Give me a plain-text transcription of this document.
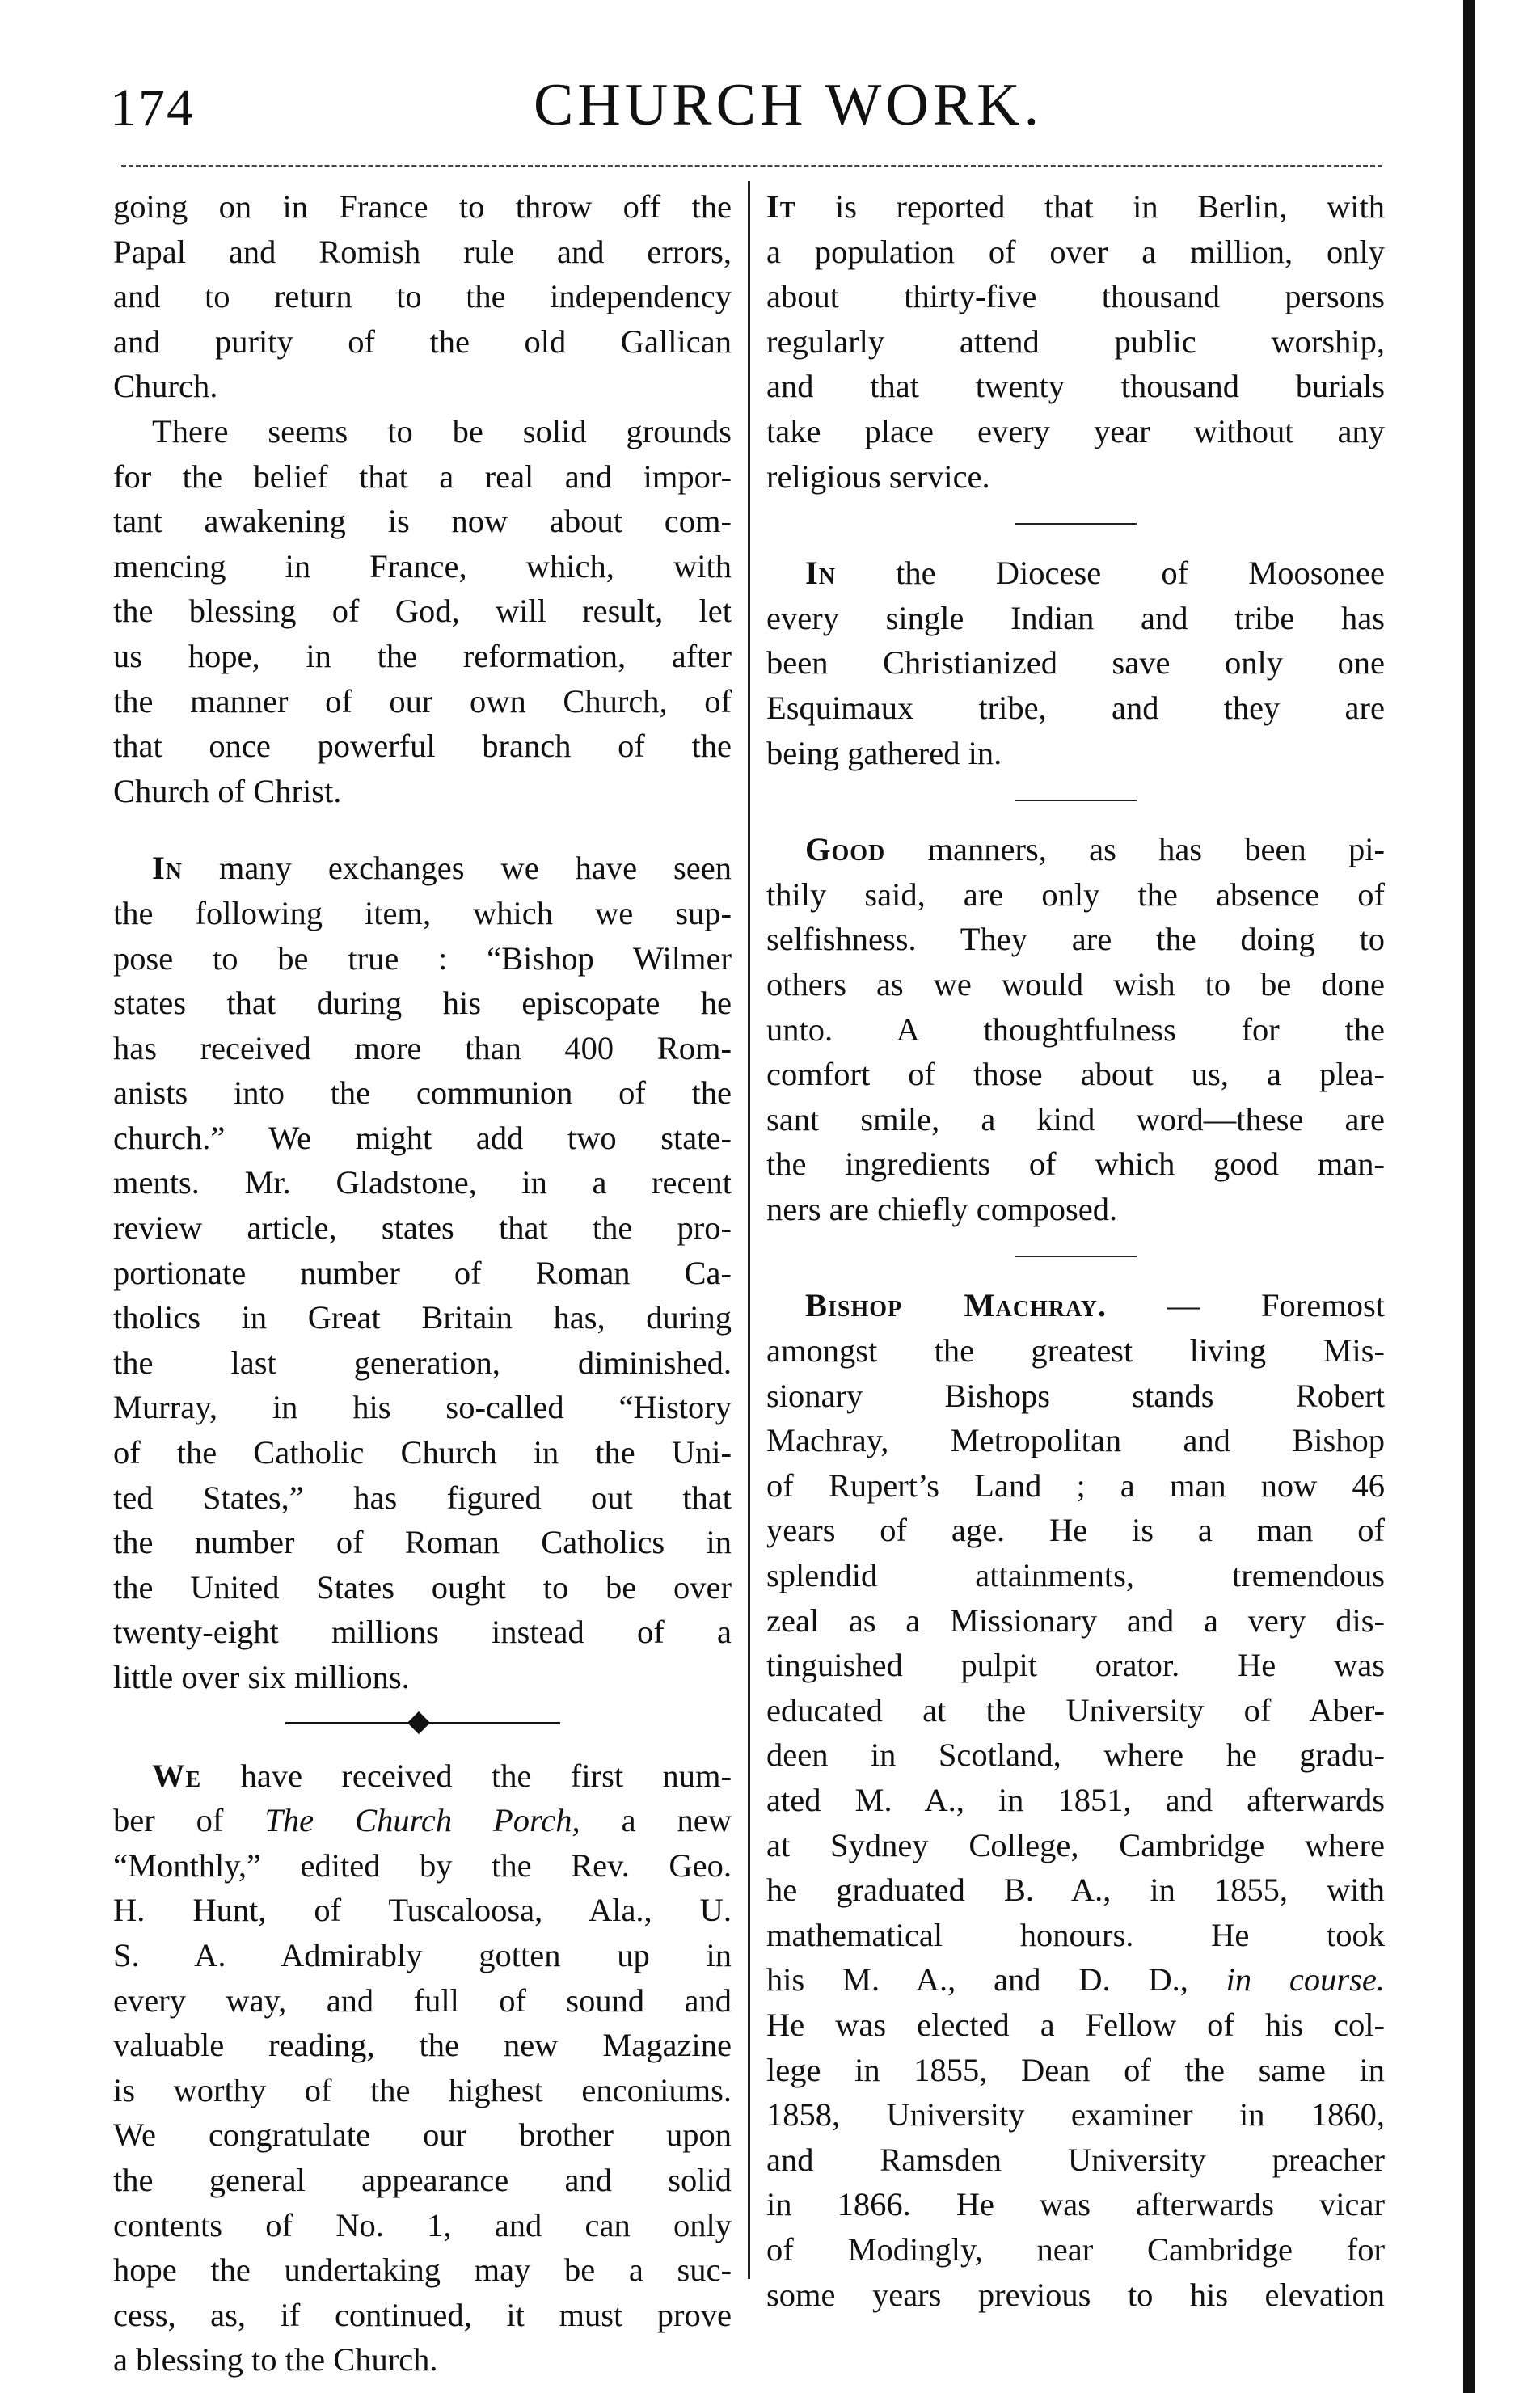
174	CHURCH WORK.

going on in France to throw off the
Papal and Romish rule and errors,
and to return to the independency
and purity of the old Gallican
Church.

There seems to be solid grounds
for the belief that a real and impor-
tant awakening is now about com-
mencing in France, which, with
the blessing of God, will result, let
us hope, in the reformation, after
the manner of our own Church, of
that once powerful branch of the
Church of Christ.

In many exchanges we have seen
the following item, which we sup-
pose to be true : “Bishop Wilmer
states that during his episcopate he
has received more than 400 Rom-
anists into the communion of the
church.” We might add two state-
ments. Mr. Gladstone, in a recent
review article, states that the pro-
portionate number of Roman Ca-
tholics in Great Britain has, during
the last generation, diminished.
Murray, in his so-called “History
of the Catholic Church in the Uni-
ted States,” has figured out that
the number of Roman Catholics in
the United States ought to be over
twenty-eight millions instead of a
little over six millions.

We have received the first num-
ber of The Church Porch, a new
“Monthly,” edited by the Rev. Geo.
H. Hunt, of Tuscaloosa, Ala., U.
S. A. Admirably gotten up in
every way, and full of sound and
valuable reading, the new Magazine
is worthy of the highest enconiums.
We congratulate our brother upon
the general appearance and solid
contents of No. 1, and can only
hope the undertaking may be a suc-
cess, as, if continued, it must prove
a blessing to the Church.

It is reported that in Berlin, with
a population of over a million, only
about thirty-five thousand persons
regularly attend public worship,
and that twenty thousand burials
take place every year without any
religious service.

In the Diocese of Moosonee
every single Indian and tribe has
been Christianized save only one
Esquimaux tribe, and they are
being gathered in.

Good manners, as has been pi-
thily said, are only the absence of
selfishness. They are the doing to
others as we would wish to be done
unto. A thoughtfulness for the
comfort of those about us, a plea-
sant smile, a kind word—these are
the ingredients of which good man-
ners are chiefly composed.

Bishop Machray. — Foremost
amongst the greatest living Mis-
sionary Bishops stands Robert
Machray, Metropolitan and Bishop
of Rupert’s Land ; a man now 46
years of age. He is a man of
splendid attainments, tremendous
zeal as a Missionary and a very dis-
tinguished pulpit orator. He was
educated at the University of Aber-
deen in Scotland, where he gradu-
ated M. A., in 1851, and afterwards
at Sydney College, Cambridge where
he graduated B. A., in 1855, with
mathematical honours. He took
his M. A., and D. D., in course.
He was elected a Fellow of his col-
lege in 1855, Dean of the same in
1858, University examiner in 1860,
and Ramsden University preacher
in 1866. He was afterwards vicar
of Modingly, near Cambridge for
some years previous to his elevation
